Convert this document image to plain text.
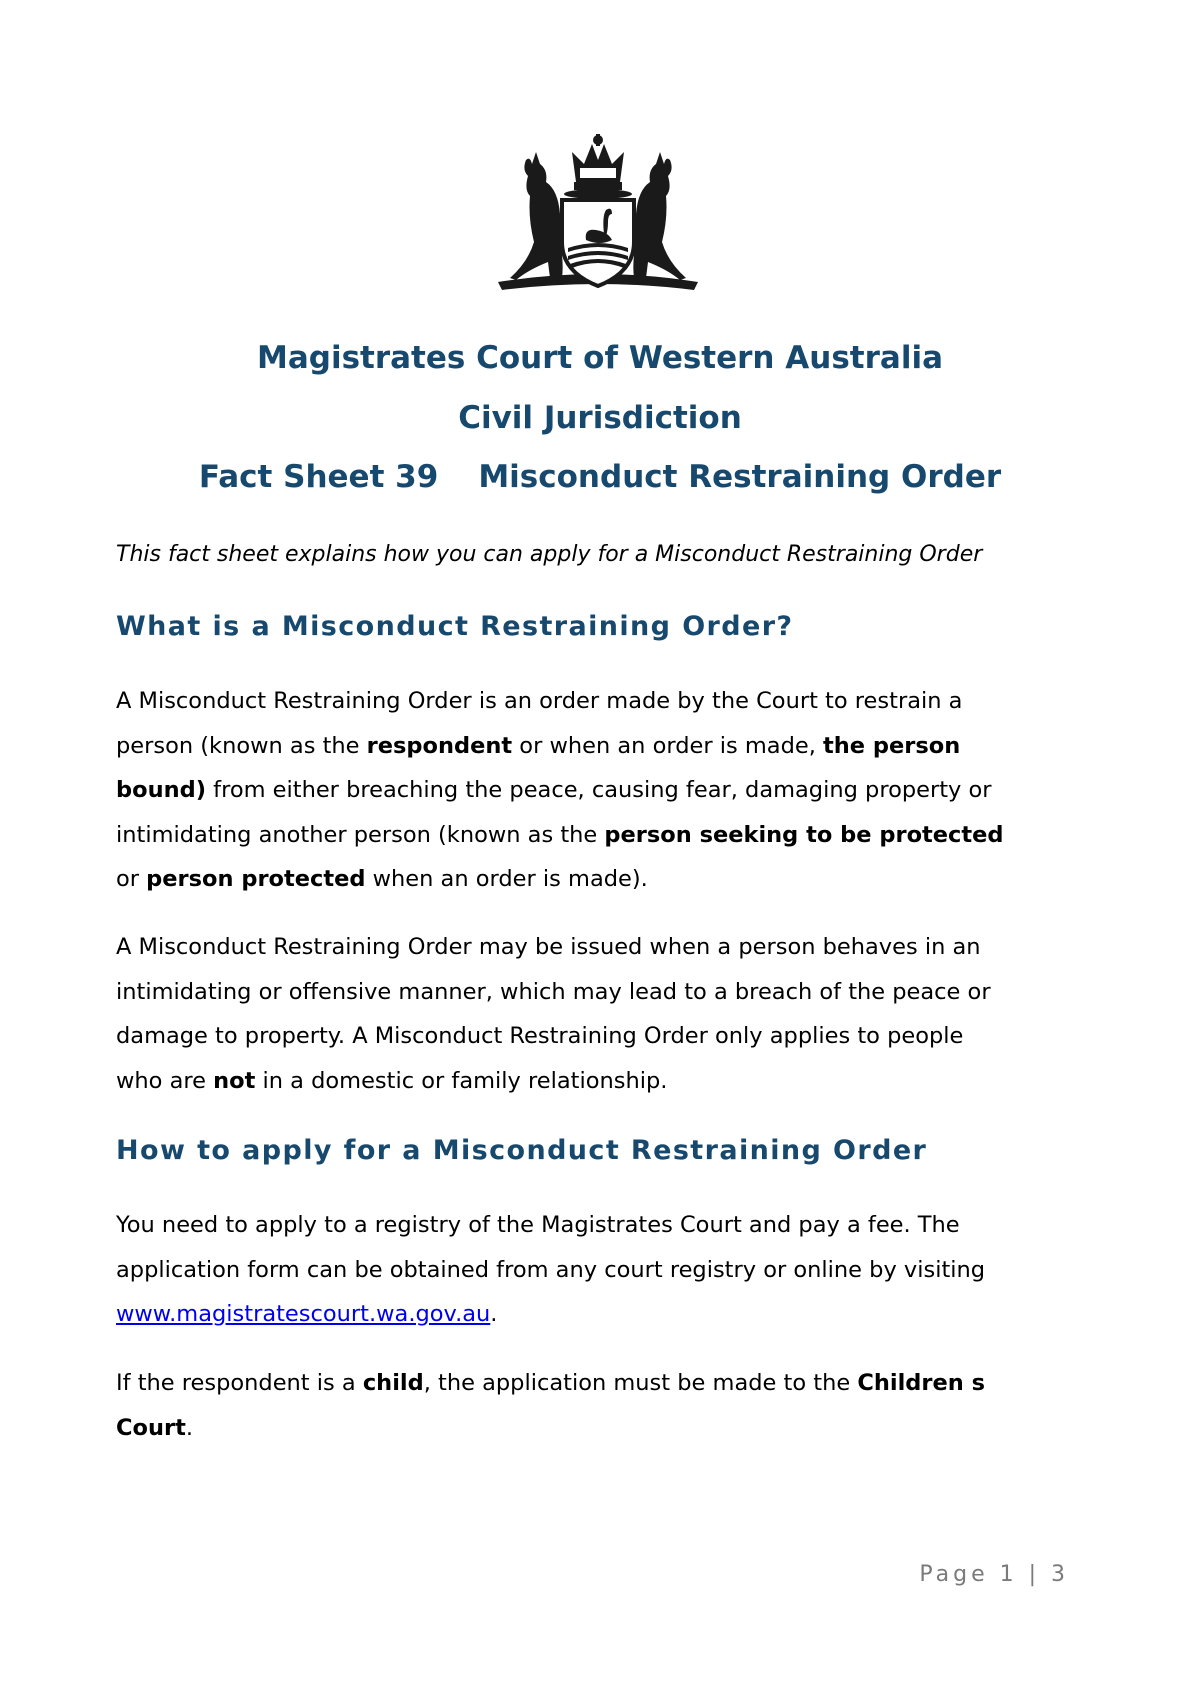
Magistrates Court of Western Australia
Civil Jurisdiction
Fact Sheet 39 Misconduct Restraining Order
This fact sheet explains how you can apply for a Misconduct Restraining Order
What is a Misconduct Restraining Order?
A Misconduct Restraining Order is an order made by the Court to restrain a
person (known as the respondent or when an order is made, the person
bound) from either breaching the peace, causing fear, damaging property or
intimidating another person (known as the person seeking to be protected
or person protected when an order is made).
A Misconduct Restraining Order may be issued when a person behaves in an
intimidating or offensive manner, which may lead to a breach of the peace or
damage to property. A Misconduct Restraining Order only applies to people
who are not in a domestic or family relationship.
How to apply for a Misconduct Restraining Order
You need to apply to a registry of the Magistrates Court and pay a fee. The
application form can be obtained from any court registry or online by visiting
www.magistratescourt.wa.gov.au.
If the respondent is a child, the application must be made to the Children s
Court.
Page 1 | 3
